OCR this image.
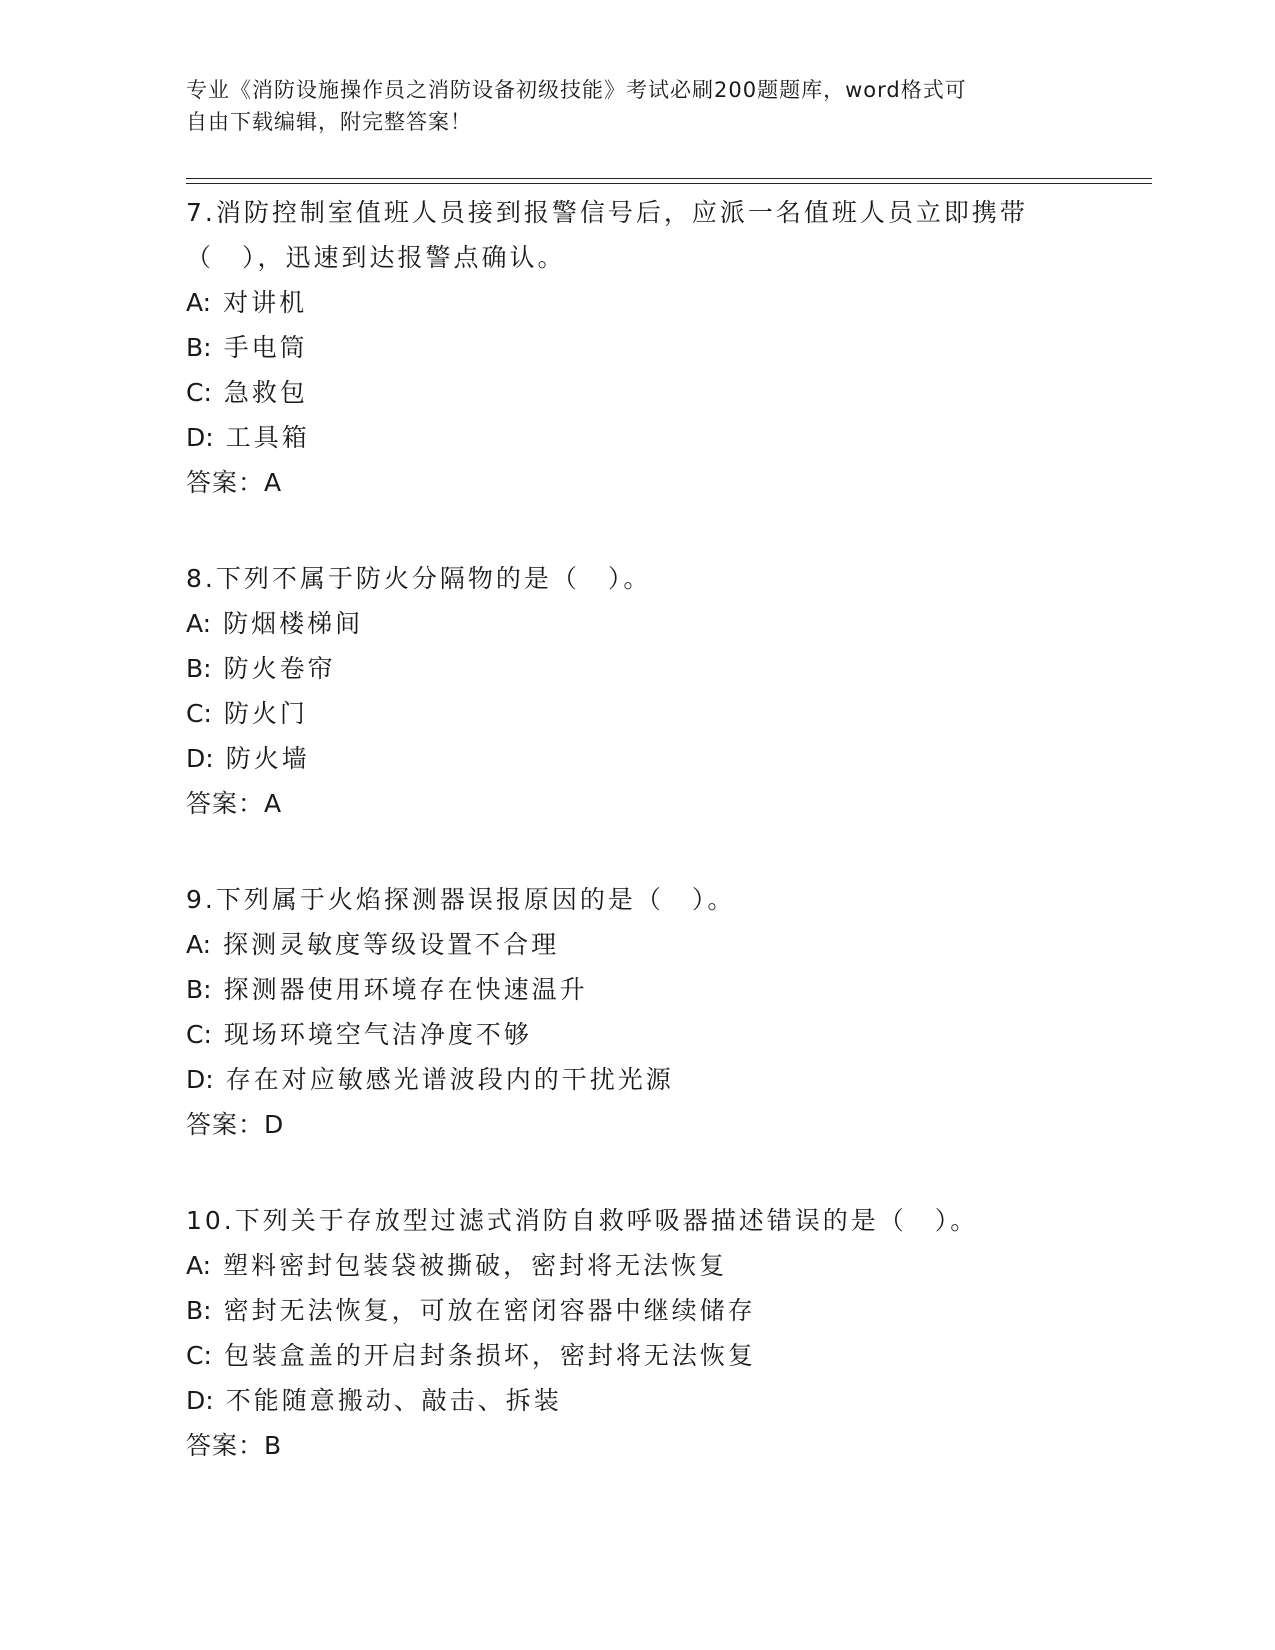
专业《消防设施操作员之消防设备初级技能》考试必刷200题题库，word格式可
自由下载编辑，附完整答案！
7.消防控制室值班人员接到报警信号后，应派一名值班人员立即携带
（　），迅速到达报警点确认。
A: 对讲机
B: 手电筒
C: 急救包
D: 工具箱
答案：A
8.下列不属于防火分隔物的是（　）。
A: 防烟楼梯间
B: 防火卷帘
C: 防火门
D: 防火墙
答案：A
9.下列属于火焰探测器误报原因的是（　）。
A: 探测灵敏度等级设置不合理
B: 探测器使用环境存在快速温升
C: 现场环境空气洁净度不够
D: 存在对应敏感光谱波段内的干扰光源
答案：D
10.下列关于存放型过滤式消防自救呼吸器描述错误的是（　）。
A: 塑料密封包装袋被撕破，密封将无法恢复
B: 密封无法恢复，可放在密闭容器中继续储存
C: 包装盒盖的开启封条损坏，密封将无法恢复
D: 不能随意搬动、敲击、拆装
答案：B
